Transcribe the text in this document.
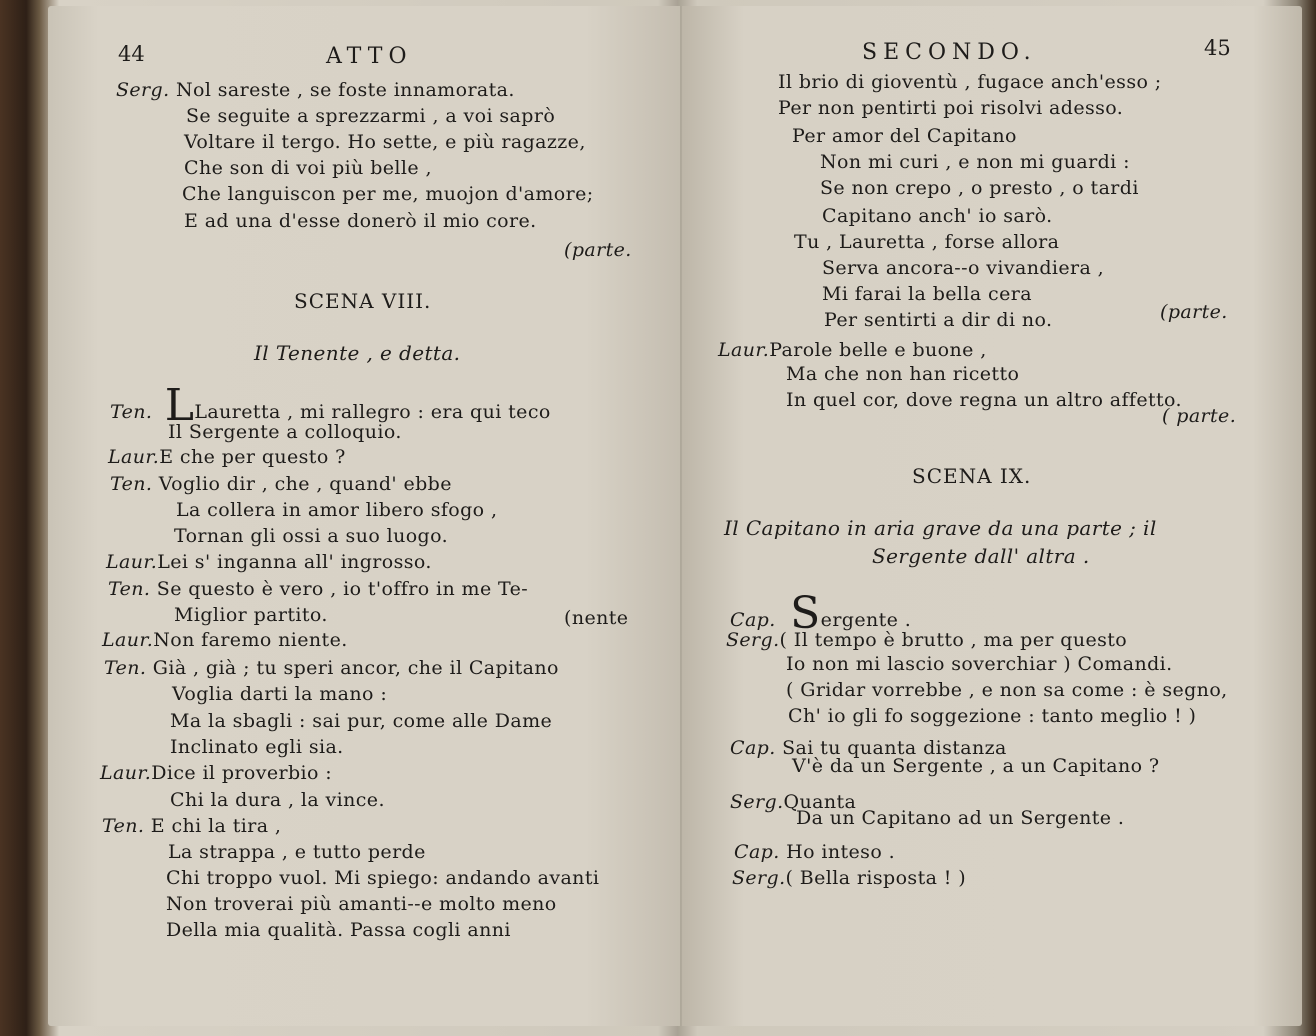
44	ATTO
Serg. Nol sareste , se foste innamorata.
Se seguite a sprezzarmi , a voi saprò
Voltare il tergo. Ho sette, e più ragazze,
Che son di voi più belle ,
Che languiscon per me, muojon d'amore;
E ad una d'esse donerò il mio core.
(parte.
SCENA VIII.
Il Tenente , e detta.
Ten. LLauretta , mi rallegro : era qui teco
Il Sergente a colloquio.
Laur.E che per questo ?
Ten. Voglio dir , che , quand' ebbe
La collera in amor libero sfogo ,
Tornan gli ossi a suo luogo.
Laur.Lei s' inganna all' ingrosso.
Ten. Se questo è vero , io t'offro in me Te-
Miglior partito.	(nente
Laur.Non faremo niente.
Ten. Già , già ; tu speri ancor, che il Capitano
Voglia darti la mano :
Ma la sbagli : sai pur, come alle Dame
Inclinato egli sia.
Laur.Dice il proverbio :
Chi la dura , la vince.
Ten. E chi la tira ,
La strappa , e tutto perde
Chi troppo vuol. Mi spiego: andando avanti
Non troverai più amanti--e molto meno
Della mia qualità. Passa cogli anni
SECONDO.	45
Il brio di gioventù , fugace anch'esso ;
Per non pentirti poi risolvi adesso.
Per amor del Capitano
Non mi curi , e non mi guardi :
Se non crepo , o presto , o tardi
Capitano anch' io sarò.
Tu , Lauretta , forse allora
Serva ancora--o vivandiera ,
Mi farai la bella cera
Per sentirti a dir di no.	(parte.
Laur.Parole belle e buone ,
Ma che non han ricetto
In quel cor, dove regna un altro affetto.
( parte.
SCENA IX.
Il Capitano in aria grave da una parte ; il
Sergente dall' altra .
Cap. Sergente .
Serg.( Il tempo è brutto , ma per questo
Io non mi lascio soverchiar ) Comandi.
( Gridar vorrebbe , e non sa come : è segno,
Ch' io gli fo soggezione : tanto meglio ! )
Cap. Sai tu quanta distanza
V'è da un Sergente , a un Capitano ?
Serg.Quanta
Da un Capitano ad un Sergente .
Cap. Ho inteso .
Serg.( Bella risposta ! )
